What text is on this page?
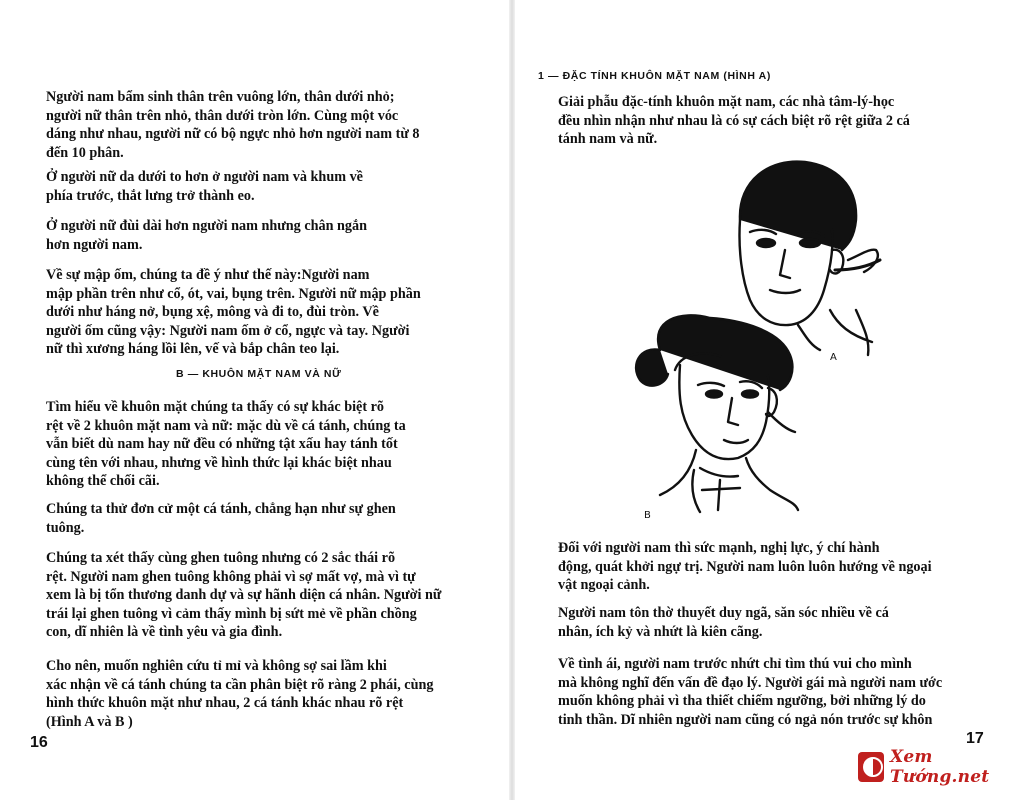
Người nam bẩm sinh thân trên vuông lớn, thân dưới nhỏ;
người nữ thân trên nhỏ, thân dưới tròn lớn. Cùng một vóc
dáng như nhau, người nữ có bộ ngực nhỏ hơn người nam từ 8
đến 10 phân.

Ở người nữ da dưới to hơn ở người nam và khum về
phía trước, thắt lưng trở thành eo.

Ở người nữ đùi dài hơn người nam nhưng chân ngắn
hơn người nam.

Về sự mập ốm, chúng ta đề ý như thế này:Người nam
mập phần trên như cổ, ót, vai, bụng trên. Người nữ mập phần
dưới như háng nở, bụng xệ, mông và đi to, đùi tròn. Về
người ốm cũng vậy: Người nam ốm ở cổ, ngực và tay. Người
nữ thì xương háng lồi lên, vế và bắp chân teo lại.

B — KHUÔN MẶT NAM VÀ NỮ

Tìm hiểu về khuôn mặt chúng ta thấy có sự khác biệt rõ
rệt về 2 khuôn mặt nam và nữ: mặc dù về cá tánh, chúng ta
vẫn biết dù nam hay nữ đều có những tật xấu hay tánh tốt
cùng tên với nhau, nhưng về hình thức lại khác biệt nhau
không thể chối cãi.

Chúng ta thử đơn cử một cá tánh, chẳng hạn như sự ghen
tuông.

Chúng ta xét thấy cùng ghen tuông nhưng có 2 sắc thái rõ
rệt. Người nam ghen tuông không phải vì sợ mất vợ, mà vì tự
xem là bị tổn thương danh dự và sự hãnh diện cá nhân. Người nữ
trái lại ghen tuông vì cảm thấy mình bị sứt mẻ về phần chồng
con, dĩ nhiên là về tình yêu và gia đình.

Cho nên, muốn nghiên cứu tỉ mỉ và không sợ sai lầm khi
xác nhận về cá tánh chúng ta cần phân biệt rõ ràng 2 phái, cùng
hình thức khuôn mặt như nhau, 2 cá tánh khác nhau rõ rệt
(Hình A và B )

16
1 — ĐẶC TÍNH KHUÔN MẶT NAM (HÌNH A)

Giải phẫu đặc-tính khuôn mặt nam, các nhà tâm-lý-học
đều nhìn nhận như nhau là có sự cách biệt rõ rệt giữa 2 cá
tánh nam và nữ.

Đối với người nam thì sức mạnh, nghị lực, ý chí hành
động, quát khởi ngự trị. Người nam luôn luôn hướng về ngoại
vật ngoại cảnh.

Người nam tôn thờ thuyết duy ngã, săn sóc nhiều về cá
nhân, ích kỷ và nhứt là kiên cãng.

Về tình ái, người nam trước nhứt chỉ tìm thú vui cho mình
mà không nghĩ đến vấn đề đạo lý. Người gái mà người nam ước
muốn không phải vì tha thiết chiếm ngưỡng, bởi những lý do
tinh thần. Dĩ nhiên người nam cũng có ngả nón trước sự khôn

17
A
B
Xem Tướng.net
